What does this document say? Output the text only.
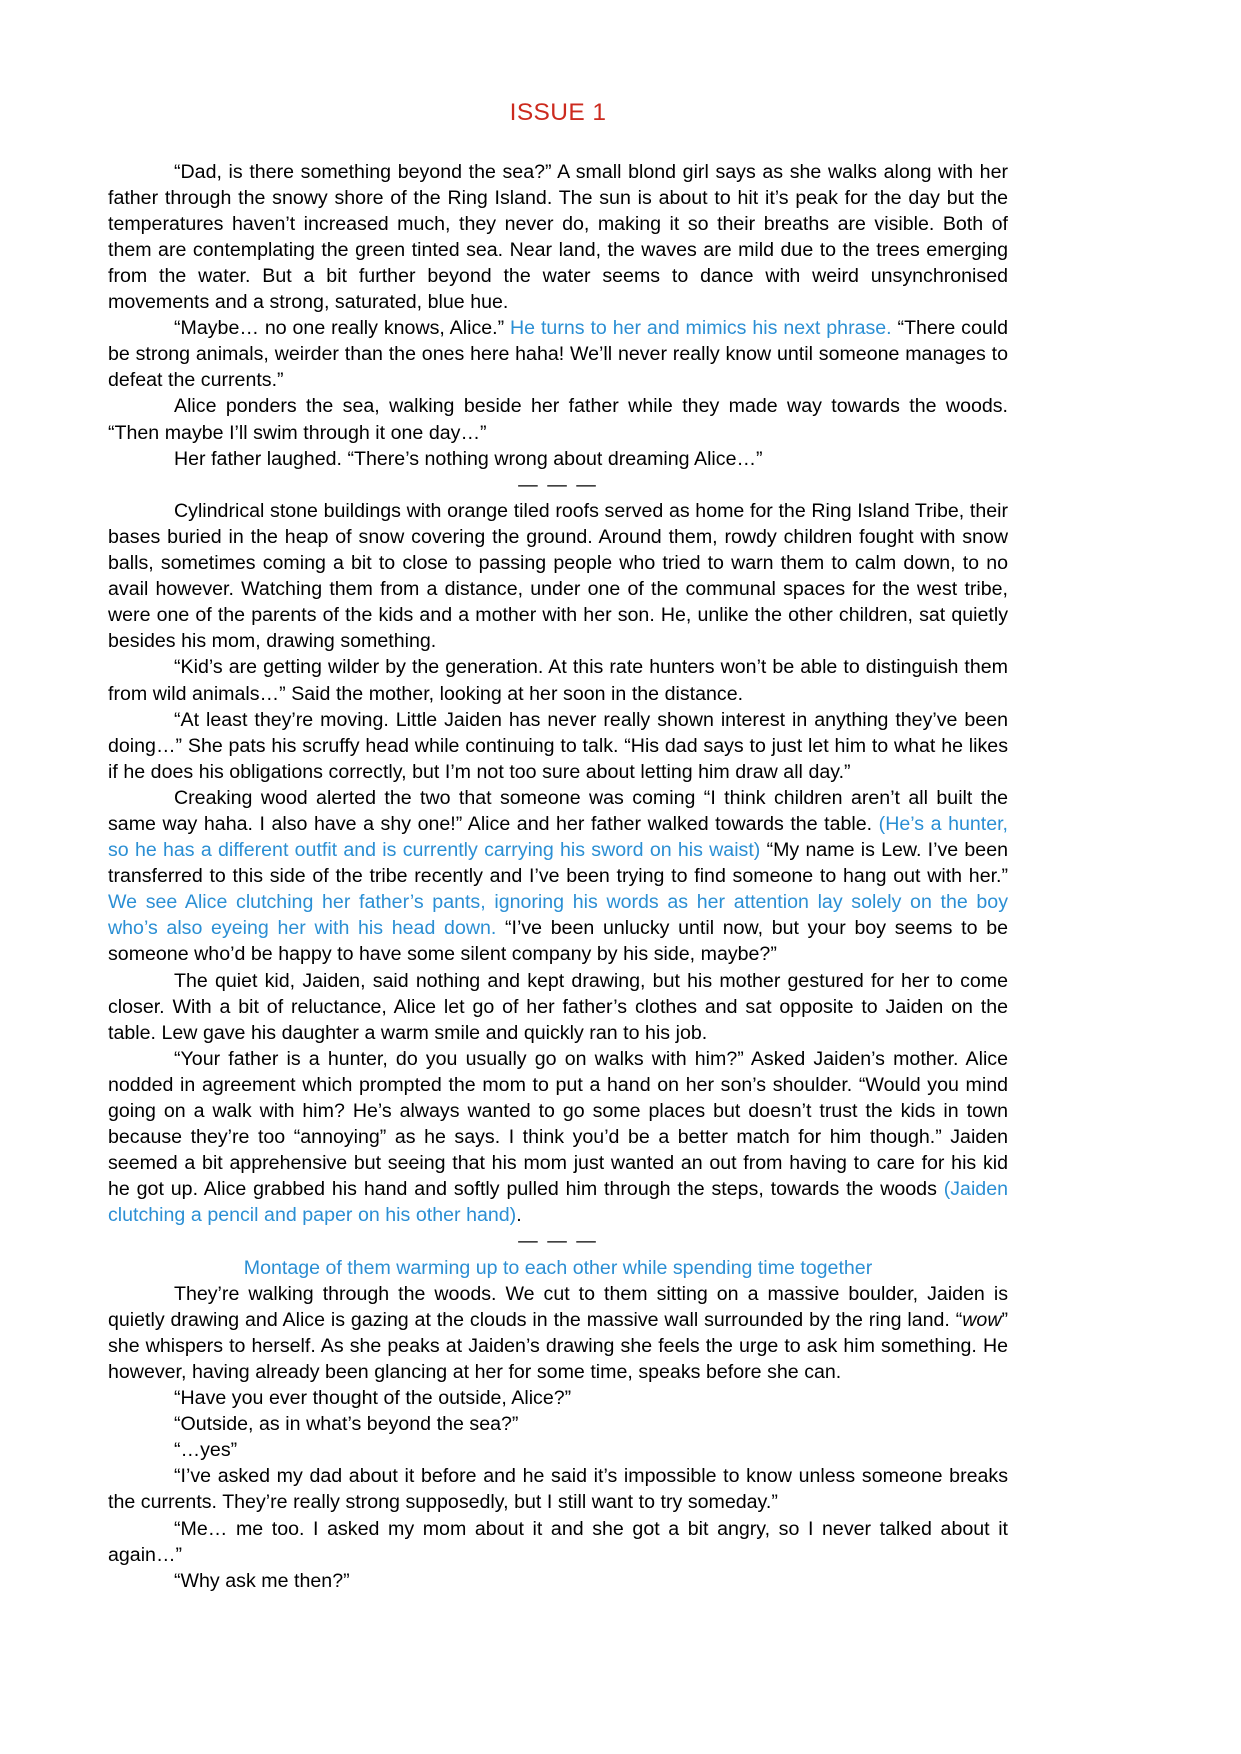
ISSUE 1

“Dad, is there something beyond the sea?” A small blond girl says as she walks along with her father through the snowy shore of the Ring Island. The sun is about to hit it’s peak for the day but the temperatures haven’t increased much, they never do, making it so their breaths are visible. Both of them are contemplating the green tinted sea. Near land, the waves are mild due to the trees emerging from the water. But a bit further beyond the water seems to dance with weird unsynchronised movements and a strong, saturated, blue hue.

“Maybe… no one really knows, Alice.” He turns to her and mimics his next phrase. “There could be strong animals, weirder than the ones here haha! We’ll never really know until someone manages to defeat the currents.”

Alice ponders the sea, walking beside her father while they made way towards the woods. “Then maybe I’ll swim through it one day…”

Her father laughed. “There’s nothing wrong about dreaming Alice…”

— — —

Cylindrical stone buildings with orange tiled roofs served as home for the Ring Island Tribe, their bases buried in the heap of snow covering the ground. Around them, rowdy children fought with snow balls, sometimes coming a bit to close to passing people who tried to warn them to calm down, to no avail however. Watching them from a distance, under one of the communal spaces for the west tribe, were one of the parents of the kids and a mother with her son. He, unlike the other children, sat quietly besides his mom, drawing something.

“Kid’s are getting wilder by the generation. At this rate hunters won’t be able to distinguish them from wild animals…” Said the mother, looking at her soon in the distance.

“At least they’re moving. Little Jaiden has never really shown interest in anything they’ve been doing…” She pats his scruffy head while continuing to talk. “His dad says to just let him to what he likes if he does his obligations correctly, but I’m not too sure about letting him draw all day.”

Creaking wood alerted the two that someone was coming “I think children aren’t all built the same way haha. I also have a shy one!” Alice and her father walked towards the table. (He’s a hunter, so he has a different outfit and is currently carrying his sword on his waist) “My name is Lew. I’ve been transferred to this side of the tribe recently and I’ve been trying to find someone to hang out with her.” We see Alice clutching her father’s pants, ignoring his words as her attention lay solely on the boy who’s also eyeing her with his head down. “I’ve been unlucky until now, but your boy seems to be someone who’d be happy to have some silent company by his side, maybe?”

The quiet kid, Jaiden, said nothing and kept drawing, but his mother gestured for her to come closer. With a bit of reluctance, Alice let go of her father’s clothes and sat opposite to Jaiden on the table. Lew gave his daughter a warm smile and quickly ran to his job.

“Your father is a hunter, do you usually go on walks with him?” Asked Jaiden’s mother. Alice nodded in agreement which prompted the mom to put a hand on her son’s shoulder. “Would you mind going on a walk with him? He’s always wanted to go some places but doesn’t trust the kids in town because they’re too “annoying” as he says. I think you’d be a better match for him though.” Jaiden seemed a bit apprehensive but seeing that his mom just wanted an out from having to care for his kid he got up. Alice grabbed his hand and softly pulled him through the steps, towards the woods (Jaiden clutching a pencil and paper on his other hand).

— — —

Montage of them warming up to each other while spending time together

They’re walking through the woods. We cut to them sitting on a massive boulder, Jaiden is quietly drawing and Alice is gazing at the clouds in the massive wall surrounded by the ring land. “wow” she whispers to herself. As she peaks at Jaiden’s drawing she feels the urge to ask him something. He however, having already been glancing at her for some time, speaks before she can.

“Have you ever thought of the outside, Alice?”

“Outside, as in what’s beyond the sea?”

“…yes”

“I’ve asked my dad about it before and he said it’s impossible to know unless someone breaks the currents. They’re really strong supposedly, but I still want to try someday.”

“Me… me too. I asked my mom about it and she got a bit angry, so I never talked about it again…”

“Why ask me then?”
